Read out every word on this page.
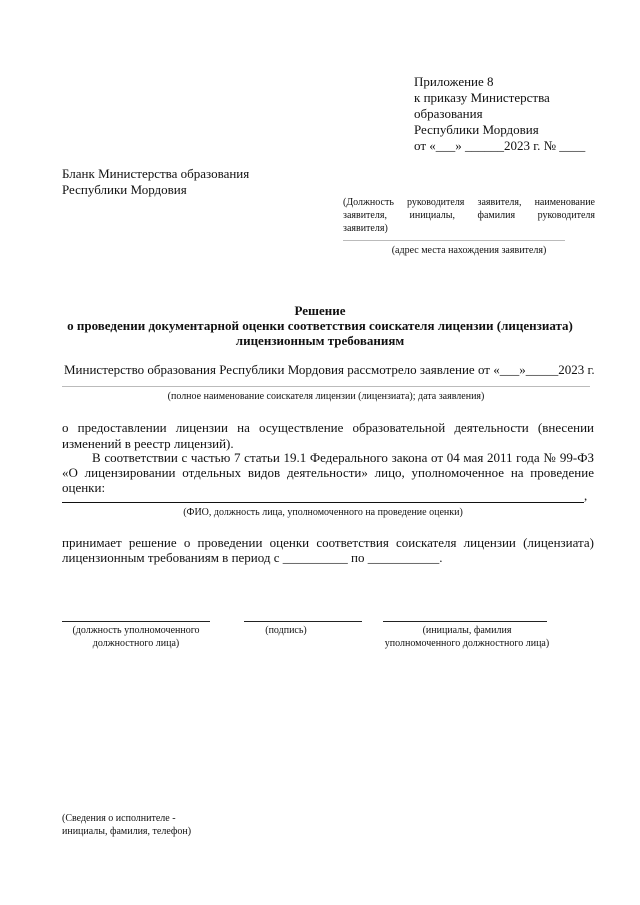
Приложение 8
к приказу Министерства
образования
Республики Мордовия
от «___» ______2023 г. № ____
Бланк Министерства образования
Республики Мордовия
(Должность руководителя заявителя, наименование
заявителя, инициалы, фамилия руководителя
заявителя)
(адрес места нахождения заявителя)
Решение
о проведении документарной оценки соответствия соискателя лицензии (лицензиата)
лицензионным требованиям
Министерство образования Республики Мордовия рассмотрело заявление от «___»_____2023 г.
(полное наименование соискателя лицензии (лицензиата); дата заявления)
о предоставлении лицензии на осуществление образовательной деятельности (внесении
изменений в реестр лицензий).
В соответствии с частью 7 статьи 19.1 Федерального закона от 04 мая 2011 года № 99-ФЗ
«О лицензировании отдельных видов деятельности» лицо, уполномоченное на проведение
оценки:
,
(ФИО, должность лица, уполномоченного на проведение оценки)
принимает решение о проведении оценки соответствия соискателя лицензии (лицензиата)
лицензионным требованиям в период с __________ по ___________.
(должность уполномоченного
должностного лица)
(подпись)	(инициалы, фамилия
уполномоченного должностного лица)
(Сведения о исполнителе -
инициалы, фамилия, телефон)
